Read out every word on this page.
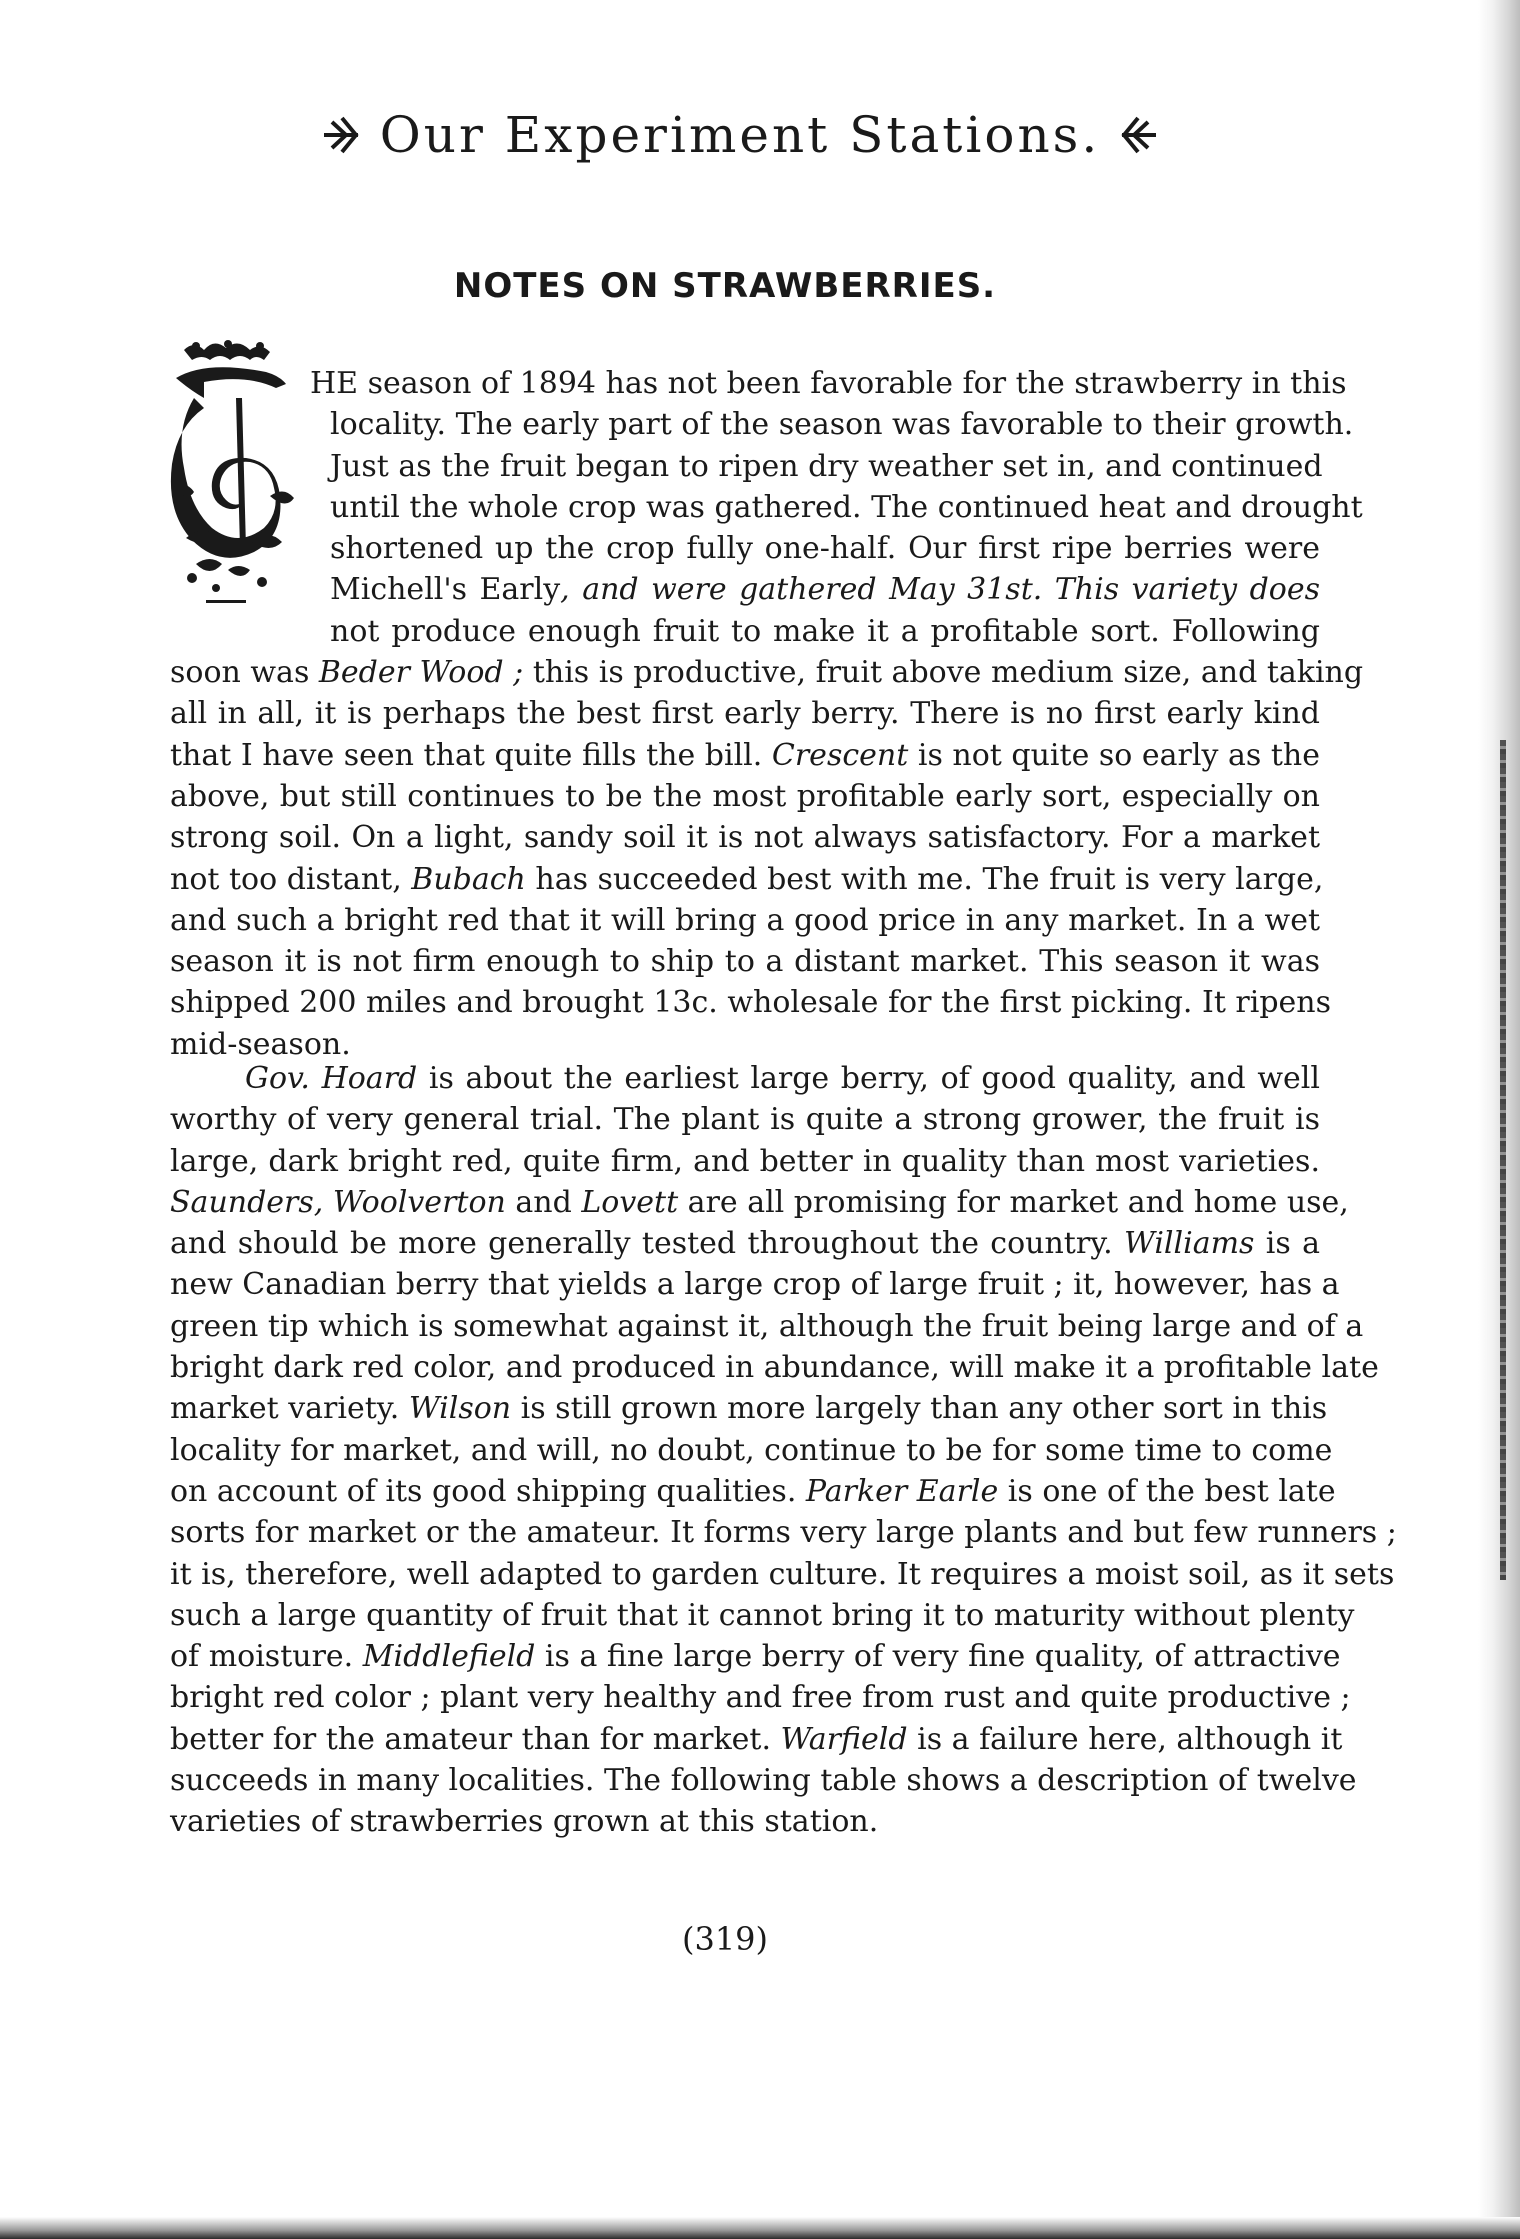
Our Experiment Stations.
NOTES ON STRAWBERRIES.
HE season of 1894 has not been favorable for the strawberry in this
locality. The early part of the season was favorable to their growth.
Just as the fruit began to ripen dry weather set in, and continued
until the whole crop was gathered. The continued heat and drought
shortened up the crop fully one-half. Our first ripe berries were
Michell's Early, and were gathered May 31st. This variety does
not produce enough fruit to make it a profitable sort. Following
soon was Beder Wood ; this is productive, fruit above medium size, and taking
all in all, it is perhaps the best first early berry. There is no first early kind
that I have seen that quite fills the bill. Crescent is not quite so early as the
above, but still continues to be the most profitable early sort, especially on
strong soil. On a light, sandy soil it is not always satisfactory. For a market
not too distant, Bubach has succeeded best with me. The fruit is very large,
and such a bright red that it will bring a good price in any market. In a wet
season it is not firm enough to ship to a distant market. This season it was
shipped 200 miles and brought 13c. wholesale for the first picking. It ripens
mid-season.
Gov. Hoard is about the earliest large berry, of good quality, and well
worthy of very general trial. The plant is quite a strong grower, the fruit is
large, dark bright red, quite firm, and better in quality than most varieties.
Saunders, Woolverton and Lovett are all promising for market and home use,
and should be more generally tested throughout the country. Williams is a
new Canadian berry that yields a large crop of large fruit ; it, however, has a
green tip which is somewhat against it, although the fruit being large and of a
bright dark red color, and produced in abundance, will make it a profitable late
market variety. Wilson is still grown more largely than any other sort in this
locality for market, and will, no doubt, continue to be for some time to come
on account of its good shipping qualities. Parker Earle is one of the best late
sorts for market or the amateur. It forms very large plants and but few runners ;
it is, therefore, well adapted to garden culture. It requires a moist soil, as it sets
such a large quantity of fruit that it cannot bring it to maturity without plenty
of moisture. Middlefield is a fine large berry of very fine quality, of attractive
bright red color ; plant very healthy and free from rust and quite productive ;
better for the amateur than for market. Warfield is a failure here, although it
succeeds in many localities. The following table shows a description of twelve
varieties of strawberries grown at this station.
(319)
